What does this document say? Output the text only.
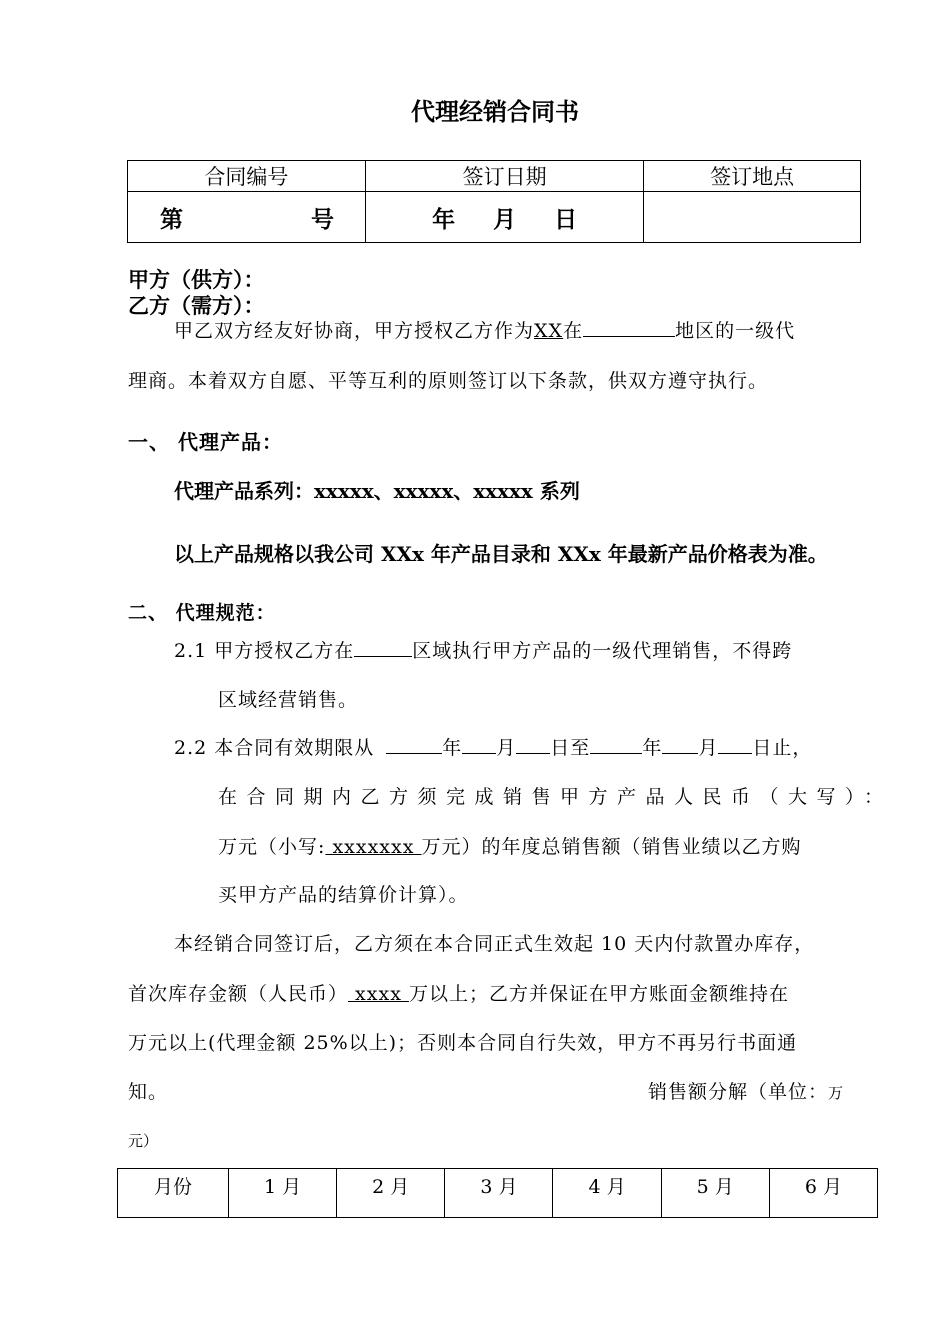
代理经销合同书
合同编号	签订日期	签订地点
第 号	年 月 日	
甲方（供方）：
乙方（需方）：
甲乙双方经友好协商，甲方授权乙方作为XX在	地区的一级代
理商。本着双方自愿、平等互利的原则签订以下条款，供双方遵守执行。
一、 代理产品：
代理产品系列：xxxxx、xxxxx、xxxxx 系列
以上产品规格以我公司 XXx 年产品目录和 XXx 年最新产品价格表为准。
二、 代理规范：
2.1 甲方授权乙方在	区域执行甲方产品的一级代理销售，不得跨
区域经营销售。
2.2 本合同有效期限从	年 月 日至	年 月 日止，
在合同期内乙方须完成销售甲方产品人民币（大写）：
万元（小写: xxxxxxx 万元）的年度总销售额（销售业绩以乙方购
买甲方产品的结算价计算）。
本经销合同签订后，乙方须在本合同正式生效起 10 天内付款置办库存，
首次库存金额（人民币） xxxx 万以上；乙方并保证在甲方账面金额维持在
万元以上(代理金额 25%以上)；否则本合同自行失效，甲方不再另行书面通
知。	销售额分解（单位：万
元）
月份	1 月	2 月	3 月	4 月	5 月	6 月
